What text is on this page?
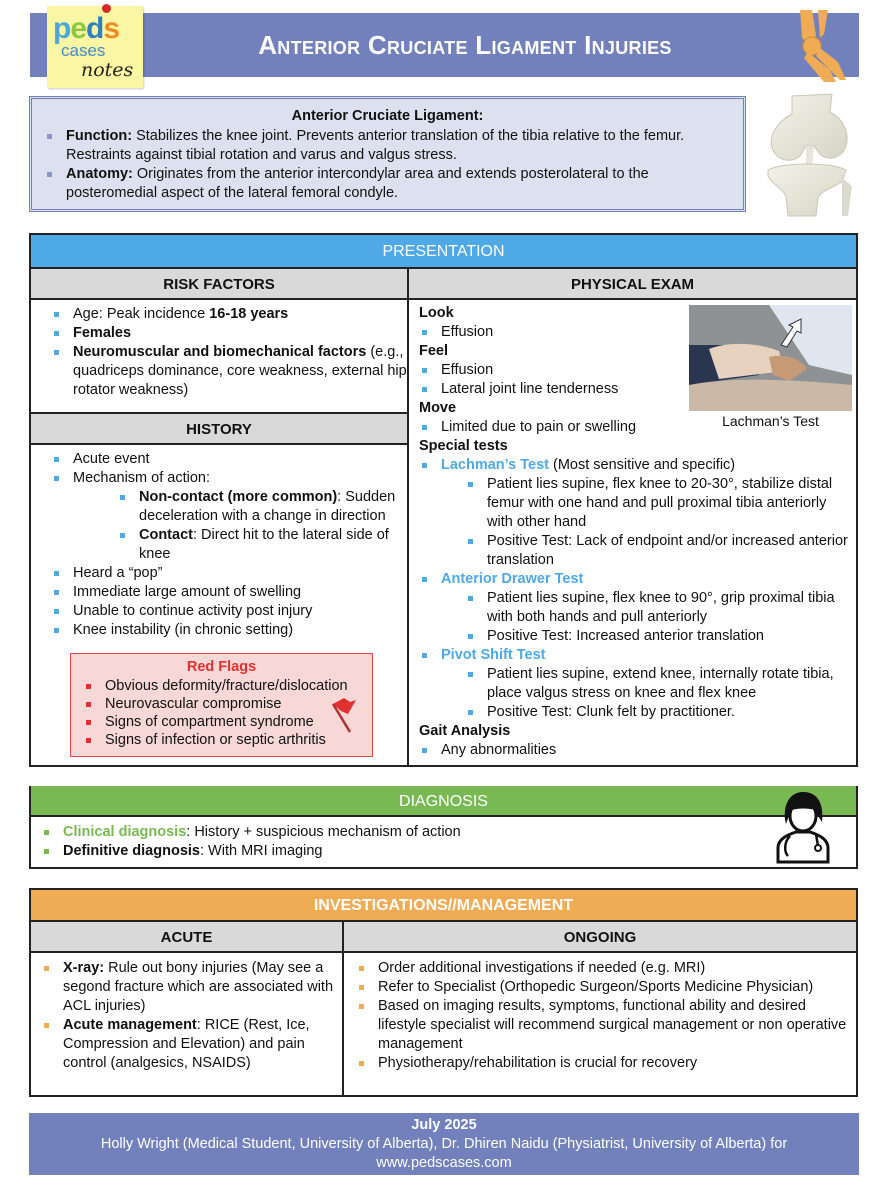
peds
cases
notes
Anterior Cruciate Ligament Injuries
Anterior Cruciate Ligament:
Function: Stabilizes the knee joint. Prevents anterior translation of the tibia relative to the femur. Restraints against tibial rotation and varus and valgus stress.
Anatomy: Originates from the anterior intercondylar area and extends posterolateral to the posteromedial aspect of the lateral femoral condyle.
PRESENTATION
RISK FACTORS
Age: Peak incidence 16-18 years
Females
Neuromuscular and biomechanical factors (e.g., quadriceps dominance, core weakness, external hip rotator weakness)
HISTORY
Acute event
Mechanism of action:
Non-contact (more common): Sudden deceleration with a change in direction
Contact: Direct hit to the lateral side of knee
Heard a “pop”
Immediate large amount of swelling
Unable to continue activity post injury
Knee instability (in chronic setting)
Red Flags
Obvious deformity/fracture/dislocation
Neurovascular compromise
Signs of compartment syndrome
Signs of infection or septic arthritis
PHYSICAL EXAM
Look
Effusion
Feel
Effusion
Lateral joint line tenderness
Move
Limited due to pain or swelling
Special tests
Lachman’s Test (Most sensitive and specific)
Patient lies supine, flex knee to 20-30°, stabilize distal femur with one hand and pull proximal tibia anteriorly with other hand
Positive Test: Lack of endpoint and/or increased anterior translation
Anterior Drawer Test
Patient lies supine, flex knee to 90°, grip proximal tibia with both hands and pull anteriorly
Positive Test: Increased anterior translation
Pivot Shift Test
Patient lies supine, extend knee, internally rotate tibia, place valgus stress on knee and flex knee
Positive Test: Clunk felt by practitioner.
Gait Analysis
Any abnormalities
Lachman’s Test
DIAGNOSIS
Clinical diagnosis: History + suspicious mechanism of action
Definitive diagnosis: With MRI imaging
INVESTIGATIONS//MANAGEMENT
ACUTE
X-ray: Rule out bony injuries (May see a segond fracture which are associated with ACL injuries)
Acute management: RICE (Rest, Ice, Compression and Elevation) and pain control (analgesics, NSAIDS)
ONGOING
Order additional investigations if needed (e.g. MRI)
Refer to Specialist (Orthopedic Surgeon/Sports Medicine Physician)
Based on imaging results, symptoms, functional ability and desired lifestyle specialist will recommend surgical management or non operative management
Physiotherapy/rehabilitation is crucial for recovery
July 2025
Holly Wright (Medical Student, University of Alberta), Dr. Dhiren Naidu (Physiatrist, University of Alberta) for
www.pedscases.com
